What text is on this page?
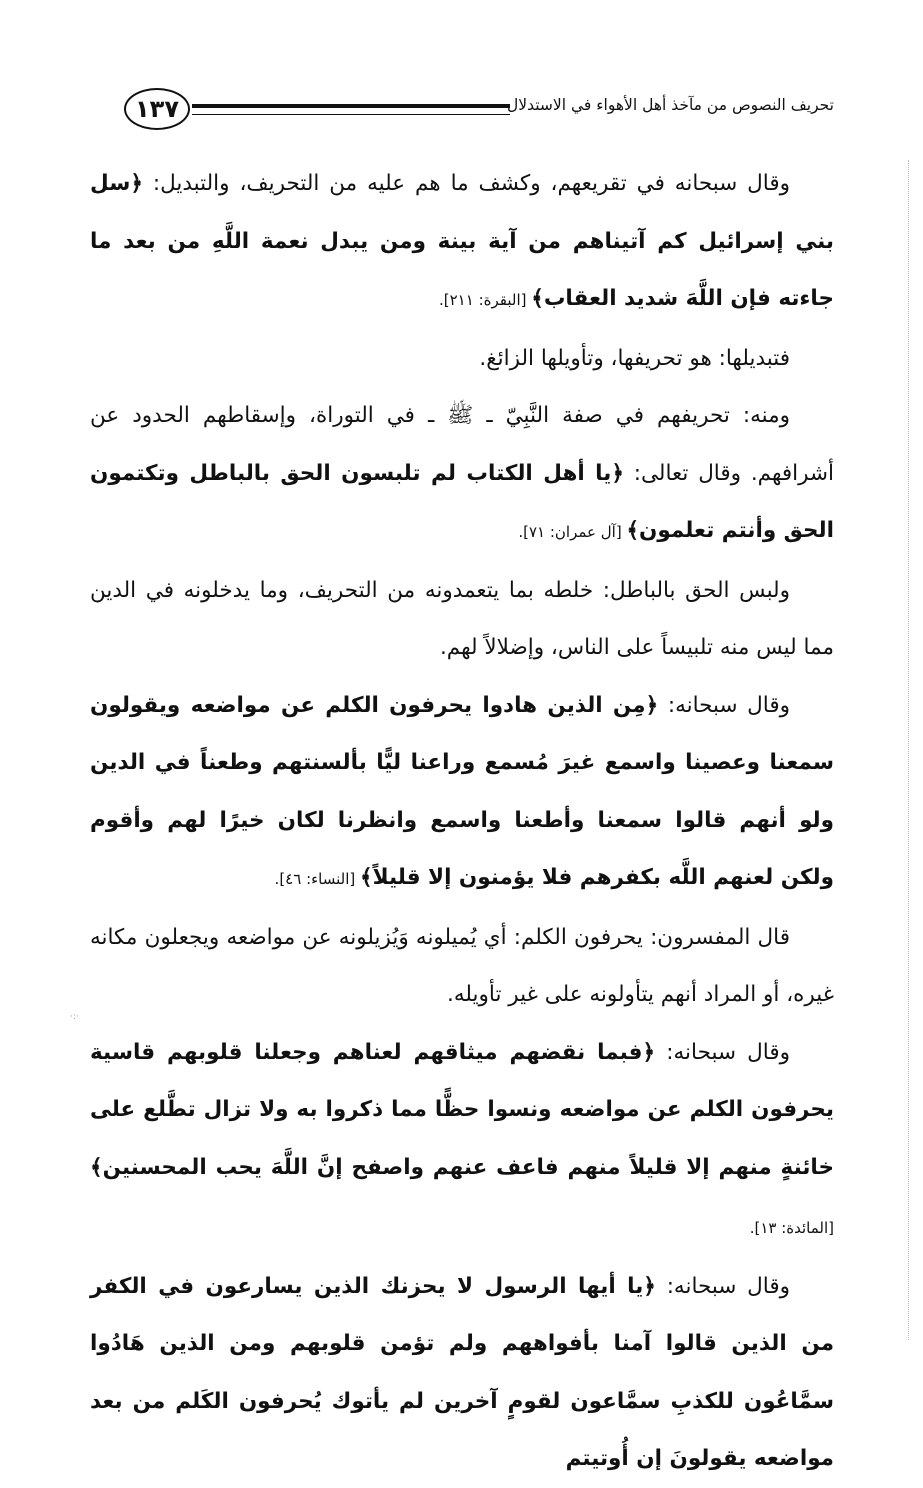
١٣٧	تحريف النصوص من مآخذ أهل الأهواء في الاستدلال
·:·

وقال سبحانه في تقريعهم، وكشف ما هم عليه من التحريف، والتبديل: ﴿سل بني إسرائيل كم آتيناهم من آية بينة ومن يبدل نعمة اللَّهِ من بعد ما جاءته فإن اللَّهَ شديد العقاب﴾ [البقرة: ٢١١].

فتبديلها: هو تحريفها، وتأويلها الزائغ.

ومنه: تحريفهم في صفة النَّبِيّ ـ ﷺ ـ في التوراة، وإسقاطهم الحدود عن أشرافهم. وقال تعالى: ﴿يا أهل الكتاب لم تلبسون الحق بالباطل وتكتمون الحق وأنتم تعلمون﴾ [آل عمران: ٧١].

ولبس الحق بالباطل: خلطه بما يتعمدونه من التحريف، وما يدخلونه في الدين مما ليس منه تلبيساً على الناس، وإضلالاً لهم.

وقال سبحانه: ﴿مِن الذين هادوا يحرفون الكلم عن مواضعه ويقولون سمعنا وعصينا واسمع غيرَ مُسمع وراعنا ليًّا بألسنتهم وطعناً في الدين ولو أنهم قالوا سمعنا وأطعنا واسمع وانظرنا لكان خيرًا لهم وأقوم ولكن لعنهم اللَّه بكفرهم فلا يؤمنون إلا قليلاً﴾ [النساء: ٤٦].

قال المفسرون: يحرفون الكلم: أي يُميلونه وَيُزيلونه عن مواضعه ويجعلون مكانه غيره، أو المراد أنهم يتأولونه على غير تأويله.

وقال سبحانه: ﴿فبما نقضهم ميثاقهم لعناهم وجعلنا قلوبهم قاسية يحرفون الكلم عن مواضعه ونسوا حظًّا مما ذكروا به ولا تزال تطَّلع على خائنةٍ منهم إلا قليلاً منهم فاعف عنهم واصفح إنَّ اللَّهَ يحب المحسنين﴾ [المائدة: ١٣].

وقال سبحانه: ﴿يا أيها الرسول لا يحزنك الذين يسارعون في الكفر من الذين قالوا آمنا بأفواههم ولم تؤمن قلوبهم ومن الذين هَادُوا سمَّاعُون للكذبِ سمَّاعون لقومٍ آخرين لم يأتوك يُحرفون الكَلم من بعد مواضعه يقولونَ إن أُوتيتم
